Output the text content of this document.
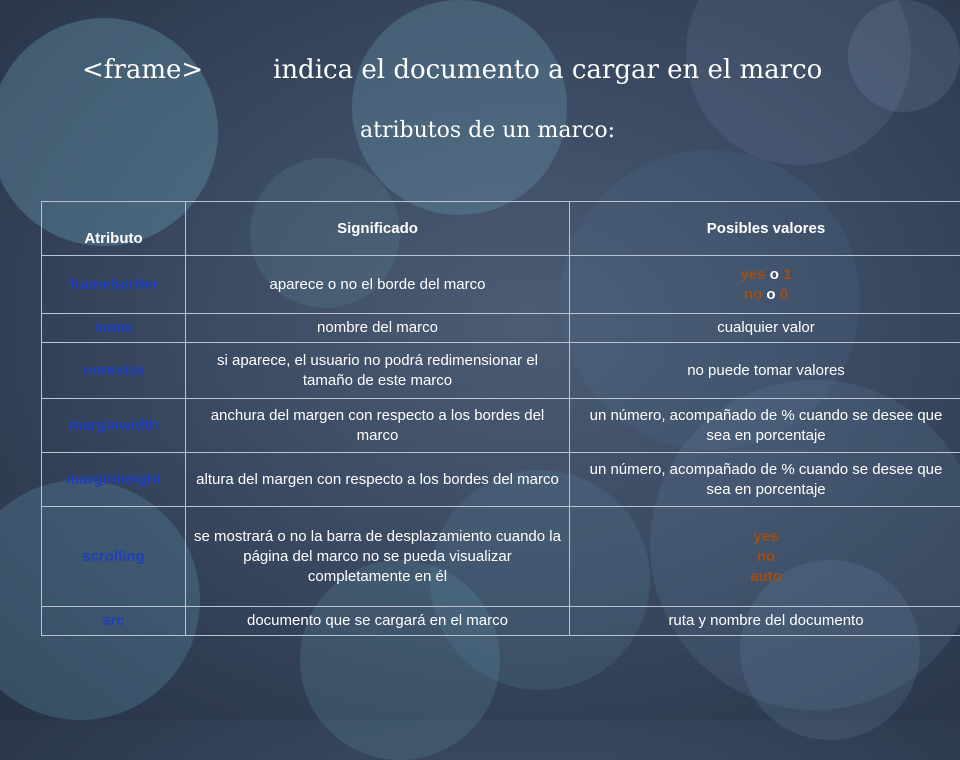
<frame>	indica el documento a cargar en el marco
atributos de un marco:
Atributo	Significado	Posibles valores
frameborder	aparece o no el borde del marco	yes o 1
no o 0
name	nombre del marco	cualquier valor
noresize	si aparece, el usuario no podrá redimensionar el tamaño de este marco	no puede tomar valores
marginwidth	anchura del margen con respecto a los bordes del marco	un número, acompañado de % cuando se desee que sea en porcentaje
marginheight	altura del margen con respecto a los bordes del marco	un número, acompañado de % cuando se desee que sea en porcentaje
scrolling	se mostrará o no la barra de desplazamiento cuando la página del marco no se pueda visualizar completamente en él	yes
no
auto
src	documento que se cargará en el marco	ruta y nombre del documento
